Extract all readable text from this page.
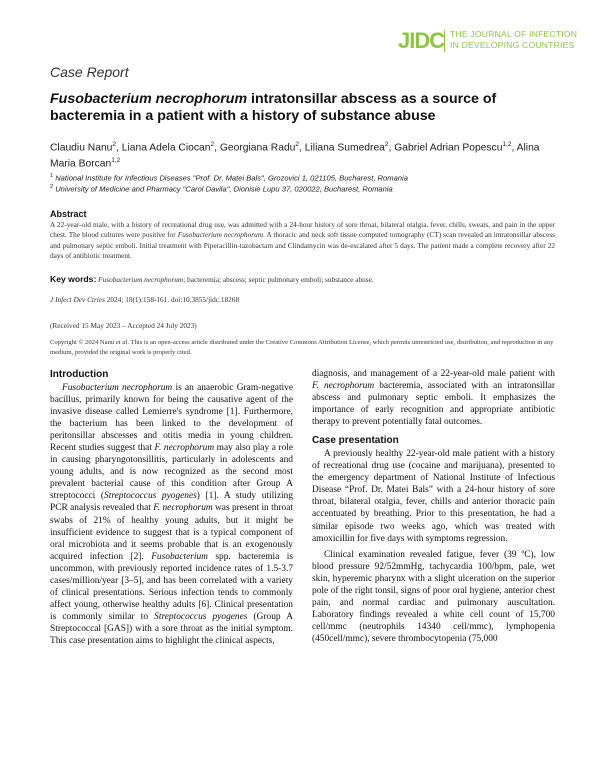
JIDC THE JOURNAL OF INFECTION
IN DEVELOPING COUNTRIES
Case Report
Fusobacterium necrophorum intratonsillar abscess as a source of bacteremia in a patient with a history of substance abuse
Claudiu Nanu$^2$, Liana Adela Ciocan$^2$, Georgiana Radu$^2$, Liliana Sumedrea$^2$, Gabriel Adrian Popescu$^{1,2}$, Alina Maria Borcan$^{1,2}$
$^1$ National Institute for Infectious Diseases "Prof. Dr. Matei Bals", Grozovici 1, 021105, Bucharest, Romania
$^2$ University of Medicine and Pharmacy "Carol Davila", Dionisie Lupu 37, 020022, Bucharest, Romania
Abstract
A 22-year-old male, with a history of recreational drug use, was admitted with a 24-hour history of sore throat, bilateral otalgia, fever, chills, sweats, and pain in the upper chest. The blood cultures were positive for Fusobacterium necrophorum. A thoracic and neck soft tissue computed tomography (CT) scan revealed an intratonsillar abscess and pulmonary septic emboli. Initial treatment with Piperacillin-tazobactam and Clindamycin was de-escalated after 5 days. The patient made a complete recovery after 22 days of antibiotic treatment.
Key words: Fusobacterium necrophorum; bacteremia; abscess; septic pulmonary emboli; substance abuse.
J Infect Dev Ctries 2024; 18(1):158-161. doi:10.3855/jidc.18268
(Received 15 May 2023 – Accepted 24 July 2023)
Copyright © 2024 Nanu et al. This is an open-access article distributed under the Creative Commons Attribution License, which permits unrestricted use, distribution, and reproduction in any medium, provided the original work is properly cited.
Introduction

Fusobacterium necrophorum is an anaerobic Gram-negative bacillus, primarily known for being the causative agent of the invasive disease called Lemierre's syndrome [1]. Furthermore, the bacterium has been linked to the development of peritonsillar abscesses and otitis media in young children. Recent studies suggest that F. necrophorum may also play a role in causing pharyngotonsillitis, particularly in adolescents and young adults, and is now recognized as the second most prevalent bacterial cause of this condition after Group A streptococci (Streptococcus pyogenes) [1]. A study utilizing PCR analysis revealed that F. necrophorum was present in throat swabs of 21% of healthy young adults, but it might be insufficient evidence to suggest that is a typical component of oral microbiota and it seems probable that is an exogenously acquired infection [2]. Fusobacterium spp. bacteremia is uncommon, with previously reported incidence rates of 1.5-3.7 cases/million/year [3–5], and has been correlated with a variety of clinical presentations. Serious infection tends to commonly affect young, otherwise healthy adults [6]. Clinical presentation is commonly similar to Streptococcus pyogenes (Group A Streptococcal [GAS]) with a sore throat as the initial symptom. This case presentation aims to highlight the clinical aspects,

diagnosis, and management of a 22-year-old male patient with F. necrophorum bacteremia, associated with an intratonsillar abscess and pulmonary septic emboli. It emphasizes the importance of early recognition and appropriate antibiotic therapy to prevent potentially fatal outcomes.

Case presentation

A previously healthy 22-year-old male patient with a history of recreational drug use (cocaine and marijuana), presented to the emergency department of National Institute of Infectious Disease “Prof. Dr. Matei Bals” with a 24-hour history of sore throat, bilateral otalgia, fever, chills and anterior thoracic pain accentuated by breathing. Prior to this presentation, he had a similar episode two weeks ago, which was treated with amoxicillin for five days with symptoms regression.

Clinical examination revealed fatigue, fever (39 ºC), low blood pressure 92/52mmHg, tachycardia 100/bpm, pale, wet skin, hyperemic pharynx with a slight ulceration on the superior pole of the right tonsil, signs of poor oral hygiene, anterior chest pain, and normal cardiac and pulmonary auscultation. Laboratory findings revealed a white cell count of 15,700 cell/mmc (neutrophils 14340 cell/mmc), lymphopenia (450cell/mmc), severe thrombocytopenia (75,000
